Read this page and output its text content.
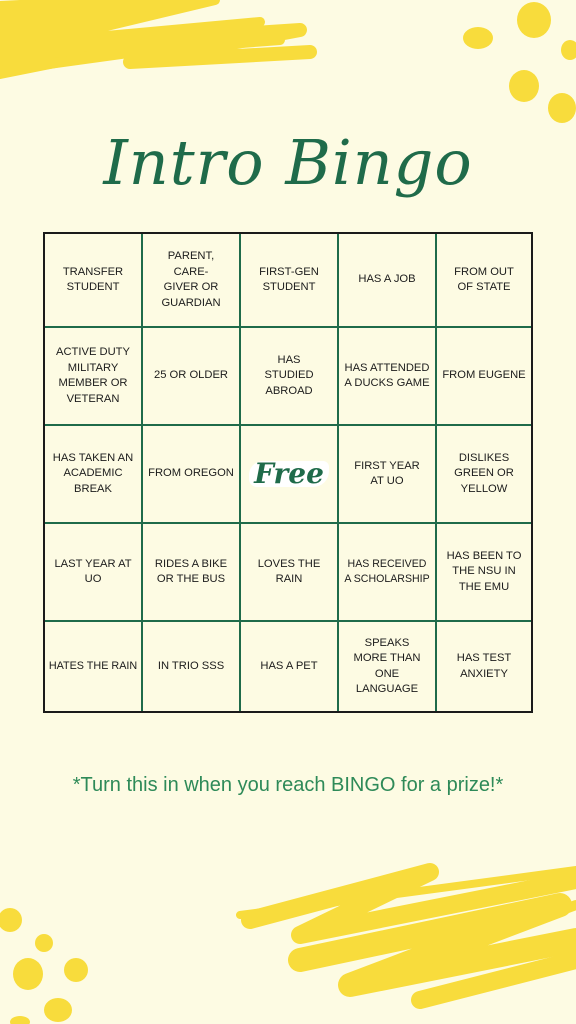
Intro Bingo
TRANSFER STUDENT
PARENT, CARE-GIVER OR GUARDIAN
FIRST-GEN STUDENT
HAS A JOB
FROM OUT OF STATE
ACTIVE DUTY MILITARY MEMBER OR VETERAN
25 OR OLDER
HAS STUDIED ABROAD
HAS ATTENDED A DUCKS GAME
FROM EUGENE
HAS TAKEN AN ACADEMIC BREAK
FROM OREGON Free	FIRST YEAR AT UO
DISLIKES GREEN OR YELLOW
LAST YEAR AT UO
RIDES A BIKE OR THE BUS
LOVES THE RAIN
HAS RECEIVED A SCHOLARSHIP
HAS BEEN TO THE NSU IN THE EMU
HATES THE RAIN IN TRIO SSS	HAS A PET
SPEAKS MORE THAN ONE LANGUAGE
HAS TEST ANXIETY
*Turn this in when you reach BINGO for a prize!*
